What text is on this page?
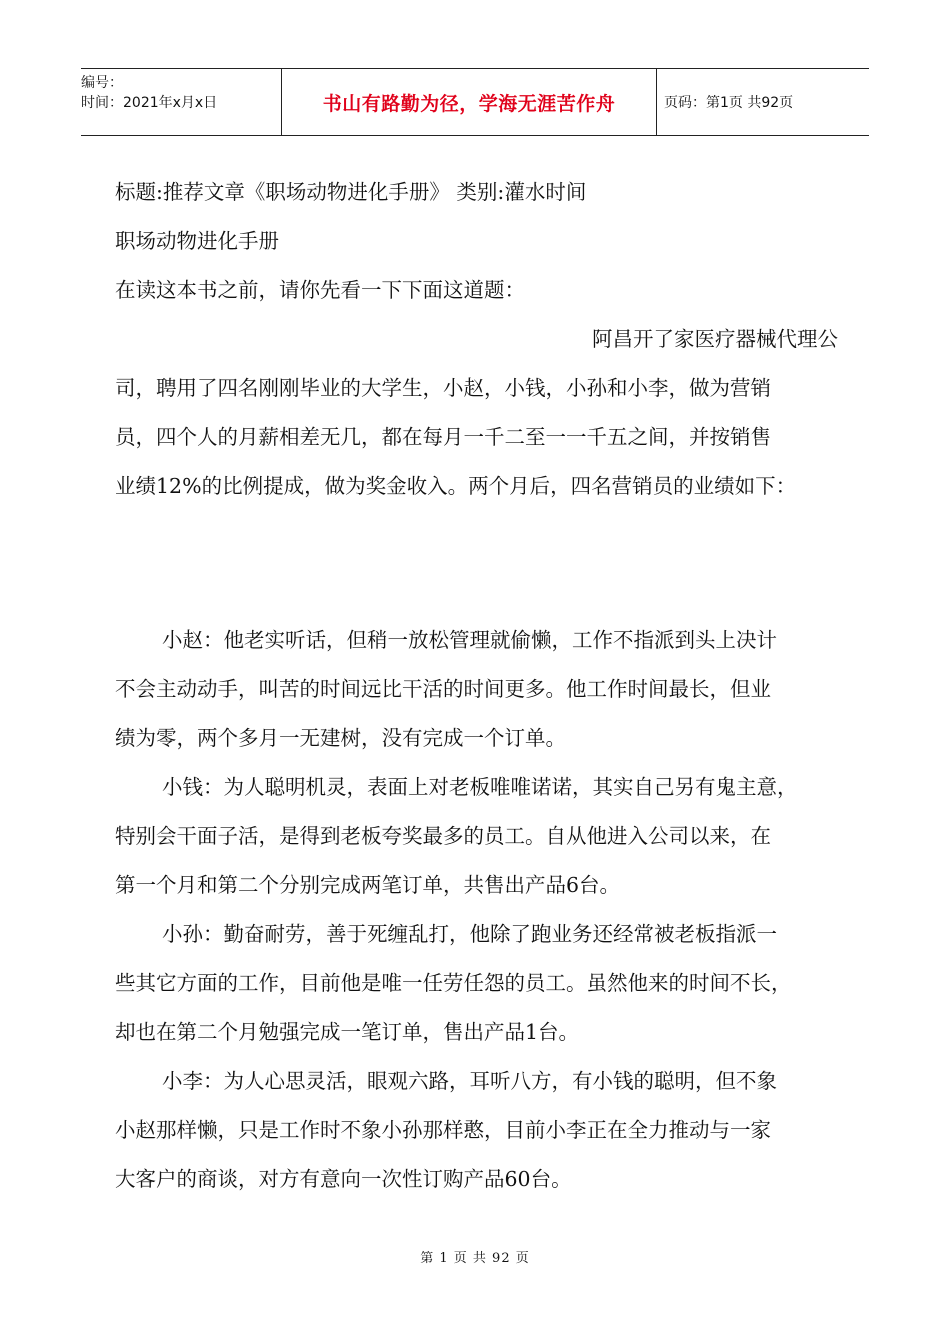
编号：
时间：2021年x月x日	书山有路勤为径，学海无涯苦作舟	页码：第1页 共92页

标题:推荐文章《职场动物进化手册》 类别:灌水时间

职场动物进化手册

在读这本书之前，请你先看一下下面这道题：

阿昌开了家医疗器械代理公

司，聘用了四名刚刚毕业的大学生，小赵，小钱，小孙和小李，做为营销

员，四个人的月薪相差无几，都在每月一千二至一一千五之间，并按销售

业绩12%的比例提成，做为奖金收入。两个月后，四名营销员的业绩如下：

小赵：他老实听话，但稍一放松管理就偷懒，工作不指派到头上决计

不会主动动手，叫苦的时间远比干活的时间更多。他工作时间最长，但业

绩为零，两个多月一无建树，没有完成一个订单。

小钱：为人聪明机灵，表面上对老板唯唯诺诺，其实自己另有鬼主意，

特别会干面子活，是得到老板夸奖最多的员工。自从他进入公司以来，在

第一个月和第二个分别完成两笔订单，共售出产品6台。

小孙：勤奋耐劳，善于死缠乱打，他除了跑业务还经常被老板指派一

些其它方面的工作，目前他是唯一任劳任怨的员工。虽然他来的时间不长，

却也在第二个月勉强完成一笔订单，售出产品1台。

小李：为人心思灵活，眼观六路，耳听八方，有小钱的聪明，但不象

小赵那样懒，只是工作时不象小孙那样憨，目前小李正在全力推动与一家

大客户的商谈，对方有意向一次性订购产品60台。

第 1 页 共 92 页
